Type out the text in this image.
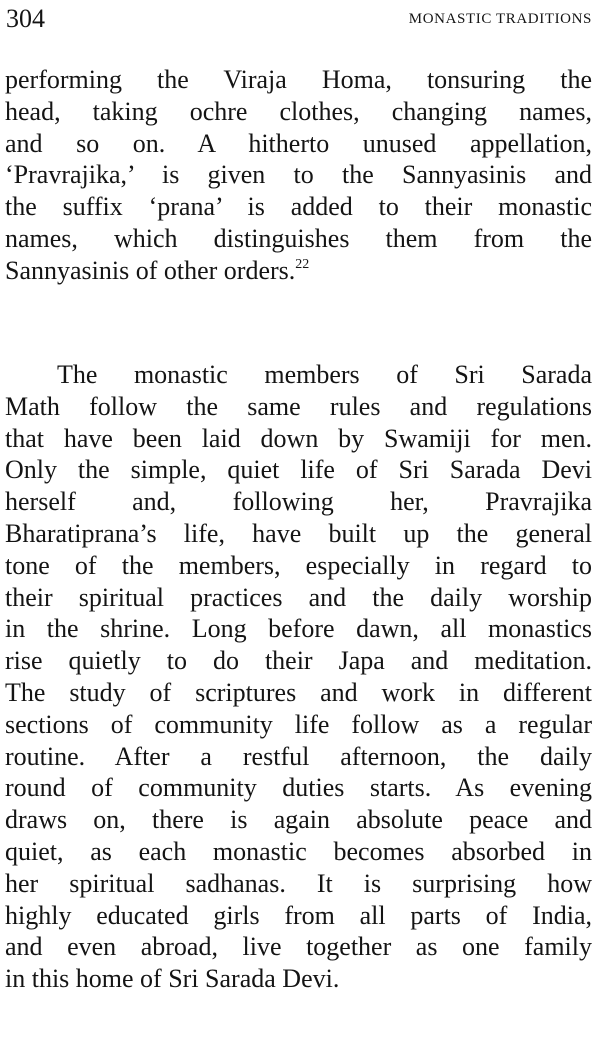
304	MONASTIC TRADITIONS
performing the Viraja Homa, tonsuring the
head, taking ochre clothes, changing names,
and so on. A hitherto unused appellation,
‘Pravrajika,’ is given to the Sannyasinis and
the suffix ‘prana’ is added to their monastic
names, which distinguishes them from the
Sannyasinis of other orders.$^{22}$
The monastic members of Sri Sarada
Math follow the same rules and regulations
that have been laid down by Swamiji for men.
Only the simple, quiet life of Sri Sarada Devi
herself and, following her, Pravrajika
Bharatiprana’s life, have built up the general
tone of the members, especially in regard to
their spiritual practices and the daily worship
in the shrine. Long before dawn, all monastics
rise quietly to do their Japa and meditation.
The study of scriptures and work in different
sections of community life follow as a regular
routine. After a restful afternoon, the daily
round of community duties starts. As evening
draws on, there is again absolute peace and
quiet, as each monastic becomes absorbed in
her spiritual sadhanas. It is surprising how
highly educated girls from all parts of India,
and even abroad, live together as one family
in this home of Sri Sarada Devi.
